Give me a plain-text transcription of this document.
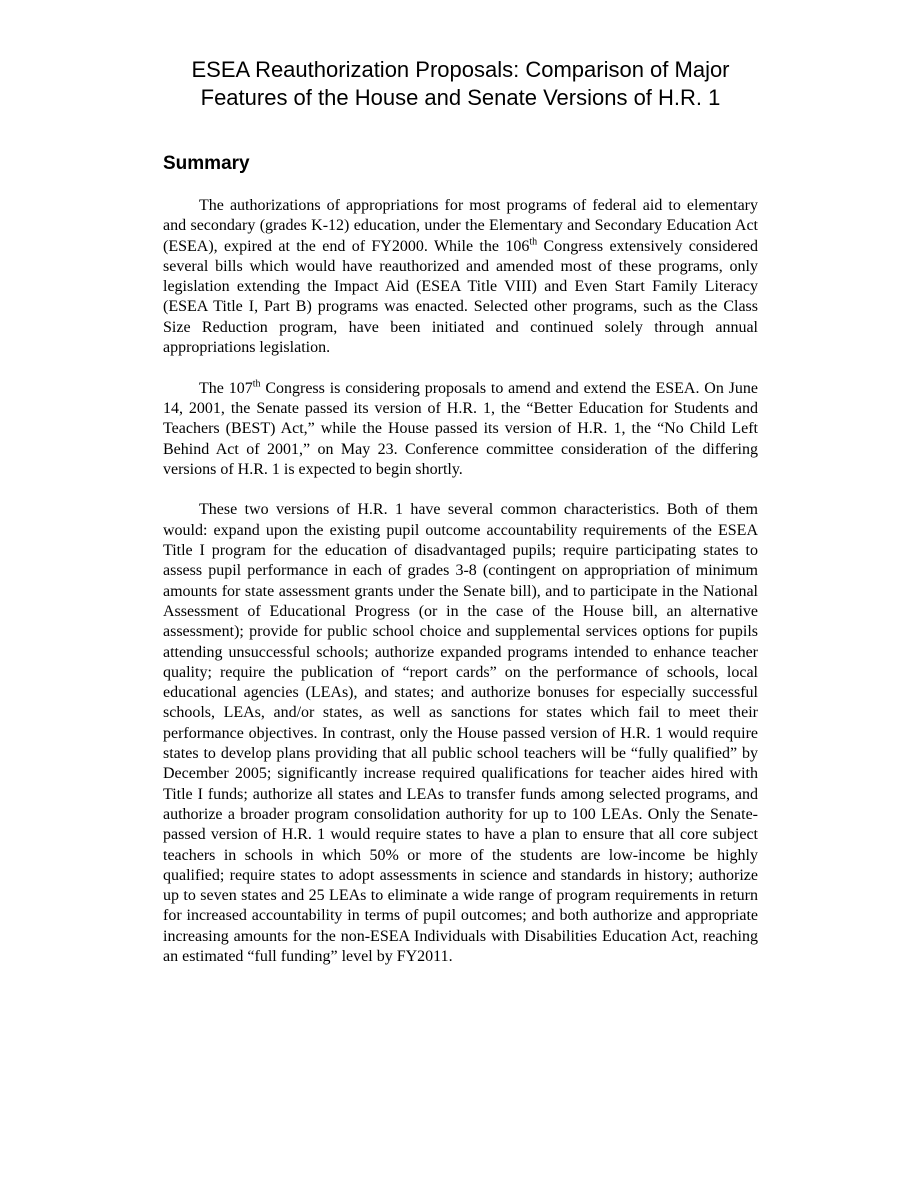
ESEA Reauthorization Proposals: Comparison of Major Features of the House and Senate Versions of H.R. 1
Summary

The authorizations of appropriations for most programs of federal aid to elementary and secondary (grades K-12) education, under the Elementary and Secondary Education Act (ESEA), expired at the end of FY2000. While the 106th Congress extensively considered several bills which would have reauthorized and amended most of these programs, only legislation extending the Impact Aid (ESEA Title VIII) and Even Start Family Literacy (ESEA Title I, Part B) programs was enacted. Selected other programs, such as the Class Size Reduction program, have been initiated and continued solely through annual appropriations legislation.

The 107th Congress is considering proposals to amend and extend the ESEA. On June 14, 2001, the Senate passed its version of H.R. 1, the “Better Education for Students and Teachers (BEST) Act,” while the House passed its version of H.R. 1, the “No Child Left Behind Act of 2001,” on May 23. Conference committee consideration of the differing versions of H.R. 1 is expected to begin shortly.

These two versions of H.R. 1 have several common characteristics. Both of them would: expand upon the existing pupil outcome accountability requirements of the ESEA Title I program for the education of disadvantaged pupils; require participating states to assess pupil performance in each of grades 3-8 (contingent on appropriation of minimum amounts for state assessment grants under the Senate bill), and to participate in the National Assessment of Educational Progress (or in the case of the House bill, an alternative assessment); provide for public school choice and supplemental services options for pupils attending unsuccessful schools; authorize expanded programs intended to enhance teacher quality; require the publication of “report cards” on the performance of schools, local educational agencies (LEAs), and states; and authorize bonuses for especially successful schools, LEAs, and/or states, as well as sanctions for states which fail to meet their performance objectives. In contrast, only the House passed version of H.R. 1 would require states to develop plans providing that all public school teachers will be “fully qualified” by December 2005; significantly increase required qualifications for teacher aides hired with Title I funds; authorize all states and LEAs to transfer funds among selected programs, and authorize a broader program consolidation authority for up to 100 LEAs. Only the Senate-passed version of H.R. 1 would require states to have a plan to ensure that all core subject teachers in schools in which 50% or more of the students are low-income be highly qualified; require states to adopt assessments in science and standards in history; authorize up to seven states and 25 LEAs to eliminate a wide range of program requirements in return for increased accountability in terms of pupil outcomes; and both authorize and appropriate increasing amounts for the non-ESEA Individuals with Disabilities Education Act, reaching an estimated “full funding” level by FY2011.
